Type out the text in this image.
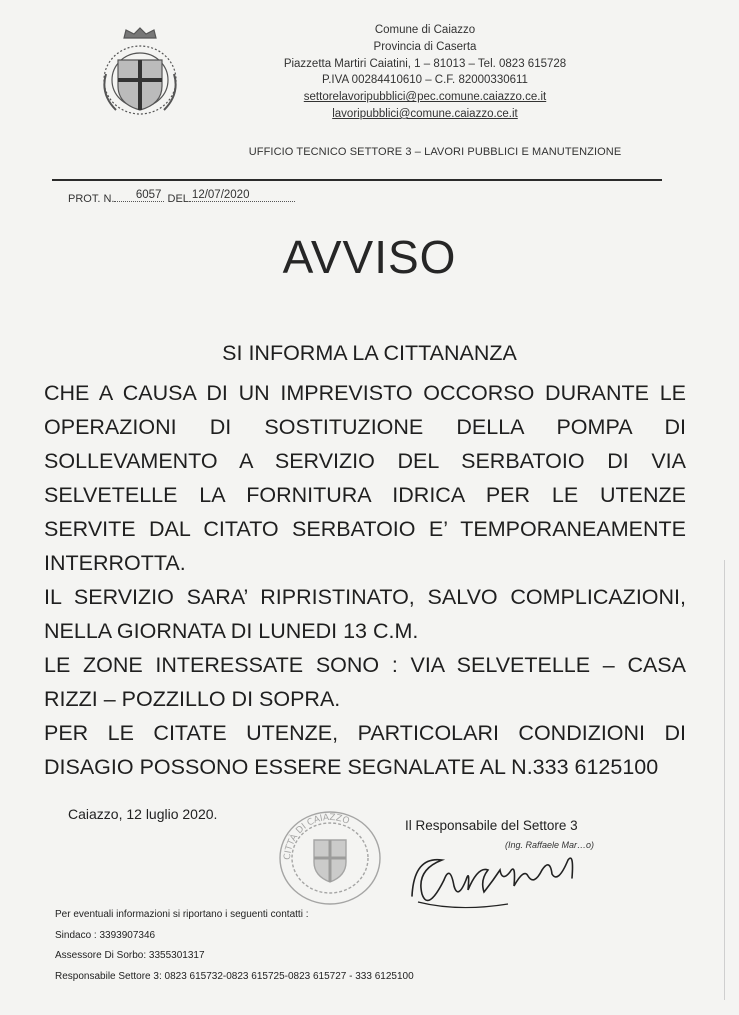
Comune di Caiazzo
Provincia di Caserta
Piazzetta Martiri Caiatini, 1 – 81013 – Tel. 0823 615728
P.IVA 00284410610 – C.F. 82000330611
settorelavoripubblici@pec.comune.caiazzo.ce.it
lavoripubblici@comune.caiazzo.ce.it
UFFICIO TECNICO SETTORE 3 – LAVORI PUBBLICI E MANUTENZIONE
PROT. N. 6057 DEL 12/07/2020
AVVISO
SI INFORMA LA CITTANANZA
CHE A CAUSA DI UN IMPREVISTO OCCORSO DURANTE LE
OPERAZIONI DI SOSTITUZIONE DELLA POMPA DI
SOLLEVAMENTO A SERVIZIO DEL SERBATOIO DI VIA
SELVETELLE LA FORNITURA IDRICA PER LE UTENZE
SERVITE DAL CITATO SERBATOIO E’ TEMPORANEAMENTE
INTERROTTA.
IL SERVIZIO SARA’ RIPRISTINATO, SALVO COMPLICAZIONI,
NELLA GIORNATA DI LUNEDI 13 C.M.
LE ZONE INTERESSATE SONO : VIA SELVETELLE – CASA
RIZZI – POZZILLO DI SOPRA.
PER LE CITATE UTENZE, PARTICOLARI CONDIZIONI DI
DISAGIO POSSONO ESSERE SEGNALATE AL N.333 6125100
Caiazzo, 12 luglio 2020.
CITTÀ DI CAIAZZO	Il Responsabile del Settore 3
(Ing. Raffaele Mar…o)
Per eventuali informazioni si riportano i seguenti contatti :
Sindaco : 3393907346
Assessore Di Sorbo: 3355301317
Responsabile Settore 3: 0823 615732-0823 615725-0823 615727 - 333 6125100
